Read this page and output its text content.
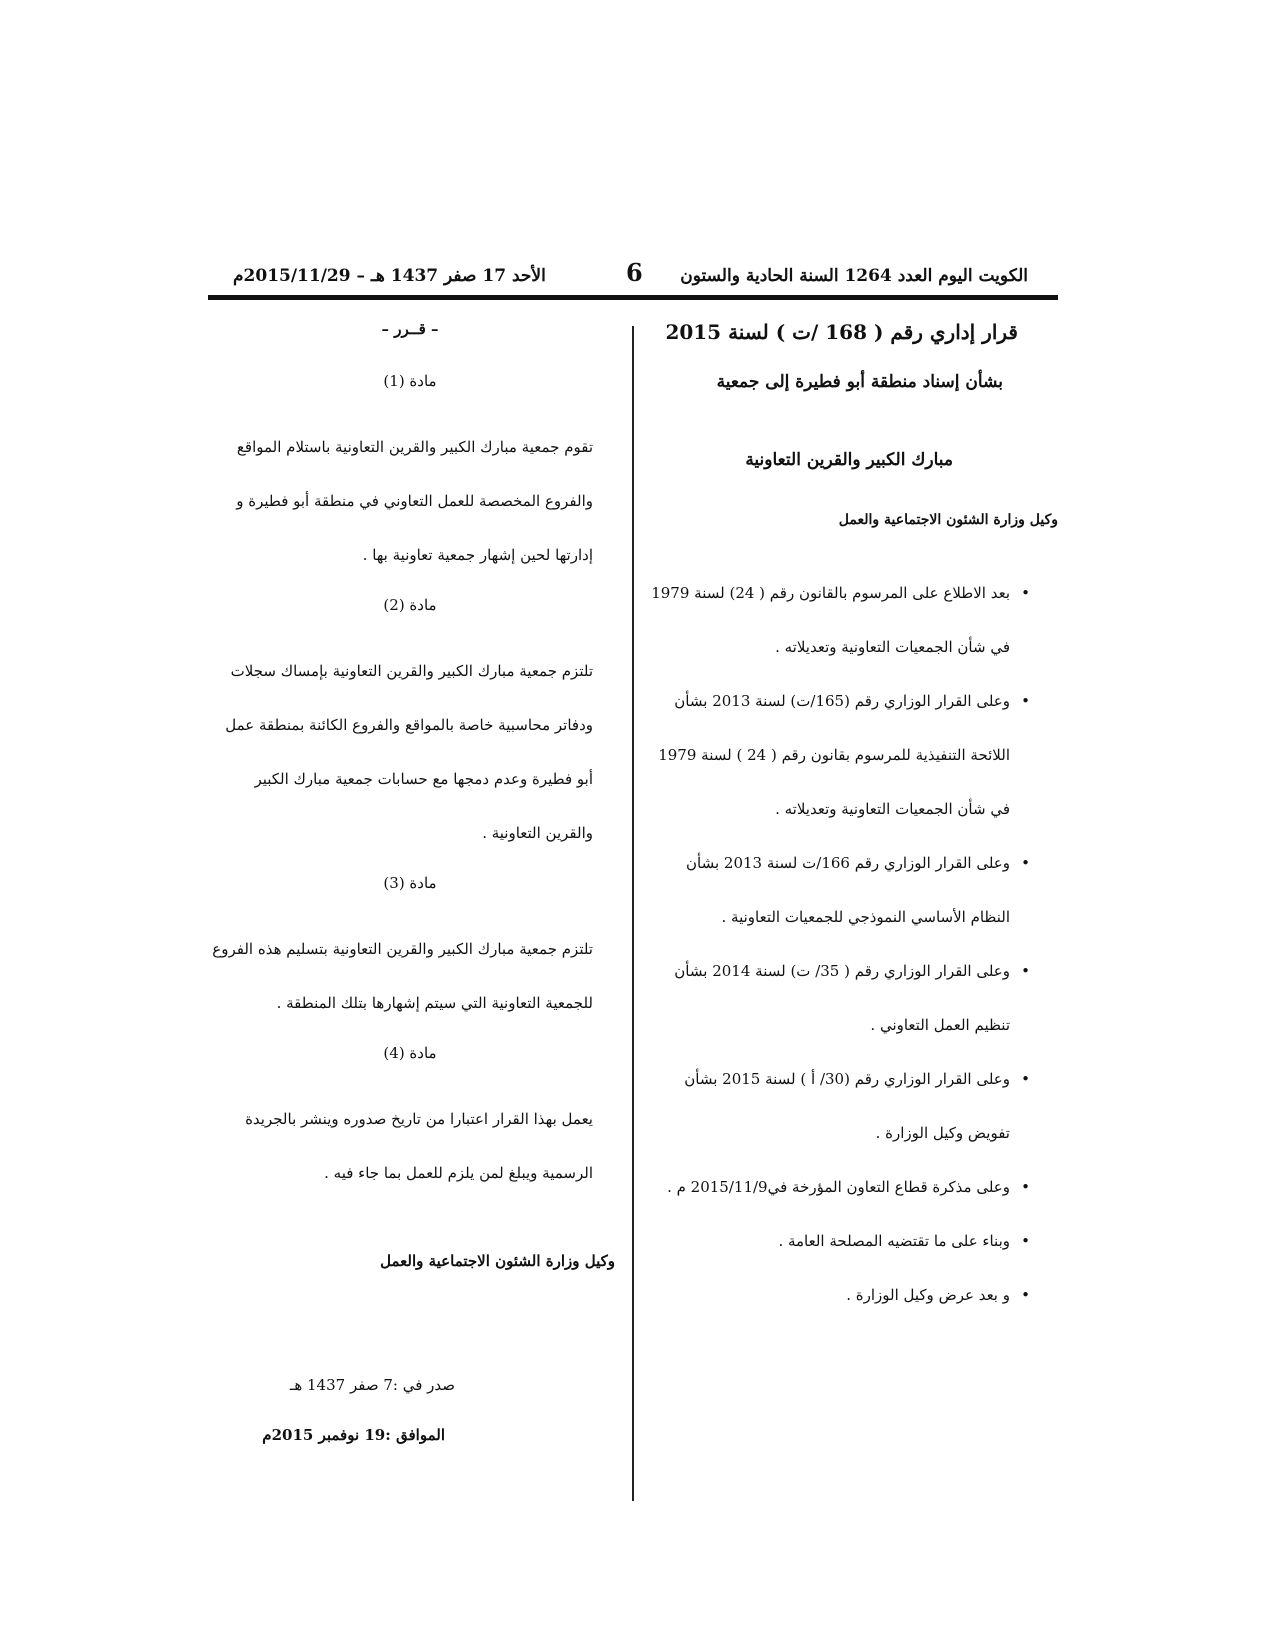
الكويت اليوم العدد 1264 السنة الحادية والستون
6
الأحد 17 صفر 1437 هـ – 2015/11/29م
قرار إداري رقم ( 168 /ت ) لسنة 2015
بشأن إسناد منطقة أبو فطيرة إلى جمعية
مبارك الكبير والقرين التعاونية
وكيل وزارة الشئون الاجتماعية والعمل
•
بعد الاطلاع على المرسوم بالقانون رقم ( 24) لسنة 1979 في شأن الجمعيات التعاونية وتعديلاته .
•
وعلى القرار الوزاري رقم (165/ت) لسنة 2013 بشأن اللائحة التنفيذية للمرسوم بقانون رقم ( 24 ) لسنة 1979 في شأن الجمعيات التعاونية وتعديلاته .
•
وعلى القرار الوزاري رقم 166/ت لسنة 2013 بشأن النظام الأساسي النموذجي للجمعيات التعاونية .
•
وعلى القرار الوزاري رقم ( 35/ ت) لسنة 2014 بشأن تنظيم العمل التعاوني .
•
وعلى القرار الوزاري رقم (30/ أ ) لسنة 2015 بشأن تفويض وكيل الوزارة .
•
وعلى مذكرة قطاع التعاون المؤرخة في2015/11/9 م .
•
وبناء على ما تقتضيه المصلحة العامة .
•
و بعد عرض وكيل الوزارة .
– قــرر –
مادة (1)

تقوم جمعية مبارك الكبير والقرين التعاونية باستلام المواقع والفروع المخصصة للعمل التعاوني في منطقة أبو فطيرة و إدارتها لحين إشهار جمعية تعاونية بها .

مادة (2)

تلتزم جمعية مبارك الكبير والقرين التعاونية بإمساك سجلات ودفاتر محاسبية خاصة بالمواقع والفروع الكائنة بمنطقة عمل أبو فطيرة وعدم دمجها مع حسابات جمعية مبارك الكبير والقرين التعاونية .

مادة (3)

تلتزم جمعية مبارك الكبير والقرين التعاونية بتسليم هذه الفروع للجمعية التعاونية التي سيتم إشهارها بتلك المنطقة .

مادة (4)

يعمل بهذا القرار اعتبارا من تاريخ صدوره وينشر بالجريدة الرسمية ويبلغ لمن يلزم للعمل بما جاء فيه .

وكيل وزارة الشئون الاجتماعية والعمل
صدر في :7 صفر 1437 هـ
الموافق :19 نوفمبر 2015م
